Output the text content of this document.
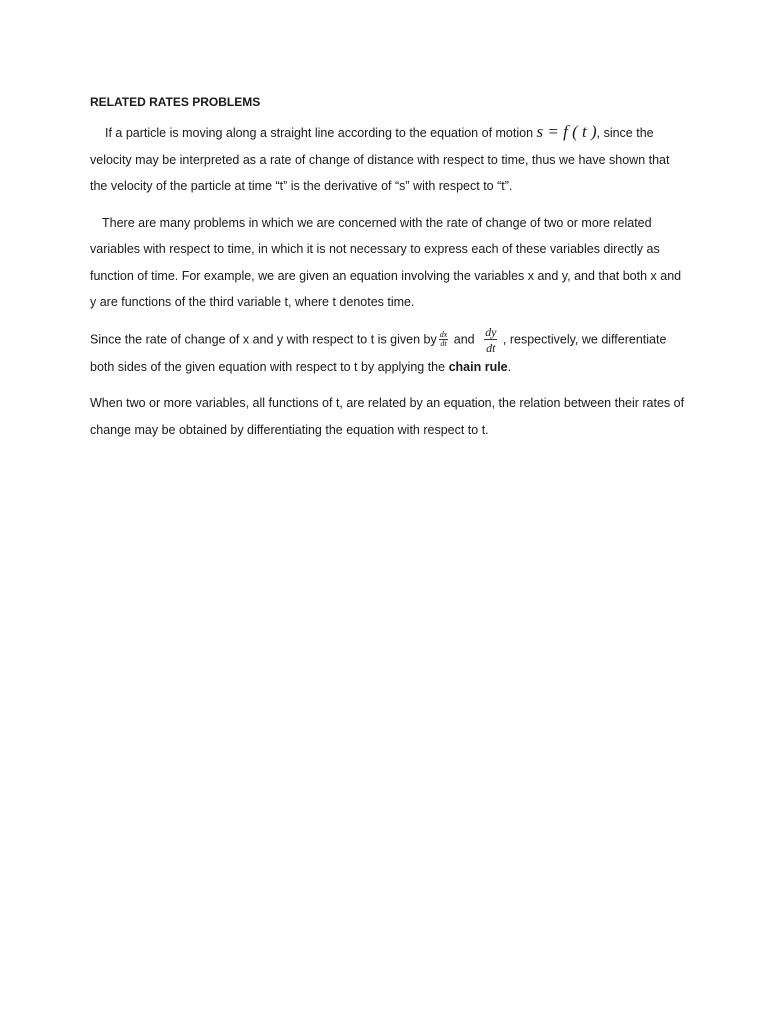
RELATED RATES PROBLEMS

If a particle is moving along a straight line according to the equation of motion s = f ( t ), since the velocity may be interpreted as a rate of change of distance with respect to time, thus we have shown that the velocity of the particle at time “t” is the derivative of “s” with respect to “t”.

There are many problems in which we are concerned with the rate of change of two or more related variables with respect to time, in which it is not necessary to express each of these variables directly as function of time. For example, we are given an equation involving the variables x and y, and that both x and y are functions of the third variable t, where t denotes time.

Since the rate of change of x and y with respect to t is given by $\frac{dx}{dt}$ and $\frac{dy}{dt}$ , respectively, we differentiate both sides of the given equation with respect to t by applying the chain rule.

When two or more variables, all functions of t, are related by an equation, the relation between their rates of change may be obtained by differentiating the equation with respect to t.
